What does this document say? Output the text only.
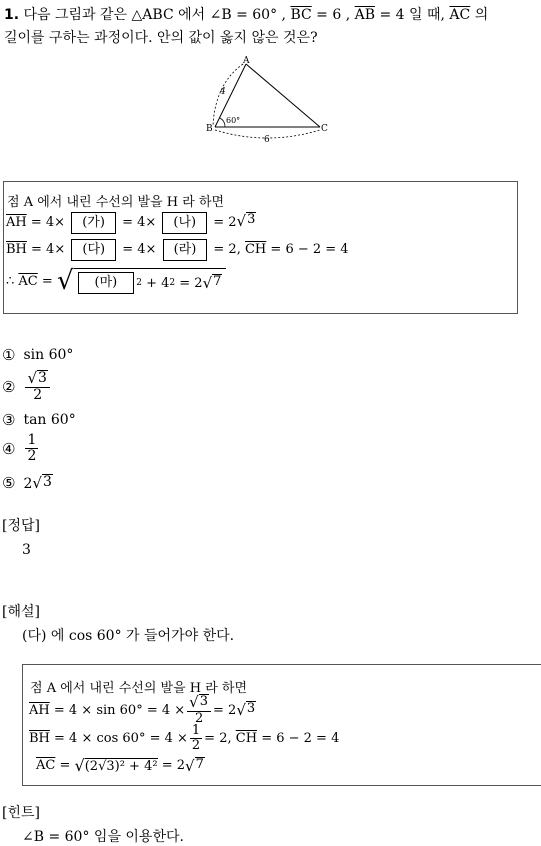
1. 다음 그림과 같은 △ABC 에서 ∠B = 60° , $\overline{BC} = 6$ , $\overline{AB} = 4$ 일 때, $\overline{AC}$ 의
길이를 구하는 과정이다. 안의 값이 옳지 않은 것은?
A
B	C
4
6
60°
점 A 에서 내린 수선의 발을 H 라 하면
$\overline{AH} = 4\times$ (가) = 4× (나) = 2 √ 3
$\overline{BH} = 4\times$ (다) = 4× (라) = 2, $\overline{CH} = 6 - 2 = 4$
∴
$\overline{AC}$
=
√	(마)	2
+ 4 2
= 2 √ 7
① sin 60°
② $\frac{√ 3}{2}$
③ tan 60°
④ $\frac{1}{2}$
⑤ 2 √ 3
[정답]
3
[해설]
(다) 에 cos 60° 가 들어가야 한다.
점 A 에서 내린 수선의 발을 H 라 하면
$\overline{AH}$
= $4 \times \sin 60^\circ = 4 \times \frac{√ 3}{2} = 2$ √ 3
$\overline{BH}$
= $4 \times \cos 60^\circ = 4 \times \frac{1}{2} = 2$,
$\overline{CH}$
= 6 − 2 = 4
$\overline{AC}$
=
√ (2√3)² + 4²
= 2 √ 7
[힌트]
∠B = 60° 임을 이용한다.
